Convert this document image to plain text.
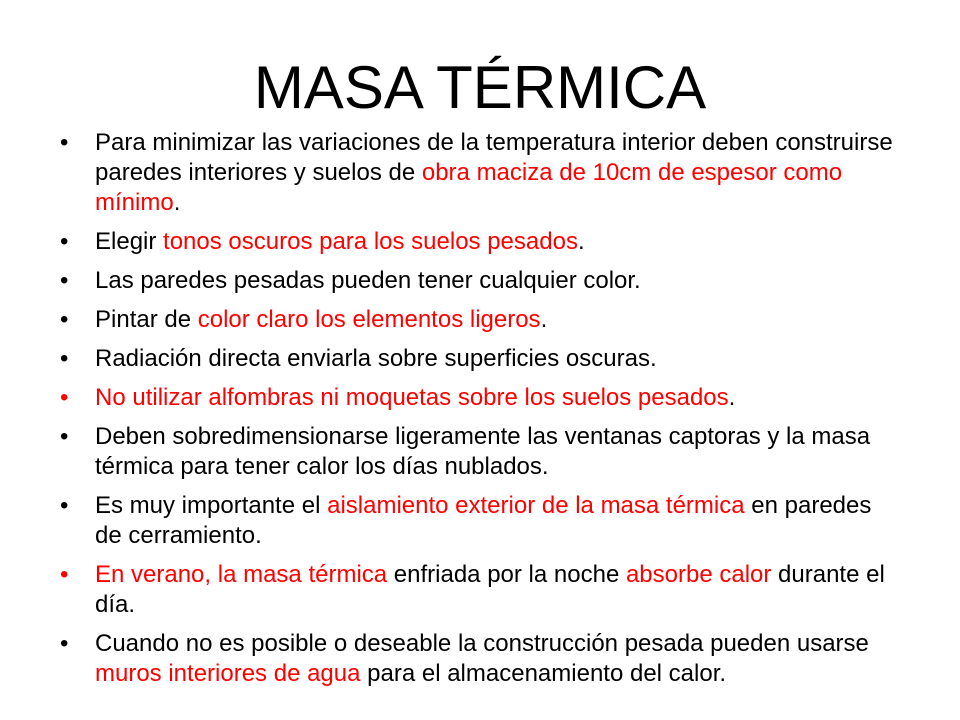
MASA TÉRMICA
• Para minimizar las variaciones de la temperatura interior deben construirse paredes interiores y suelos de obra maciza de 10cm de espesor como mínimo.
• Elegir tonos oscuros para los suelos pesados.
• Las paredes pesadas pueden tener cualquier color.
• Pintar de color claro los elementos ligeros.
• Radiación directa enviarla sobre superficies oscuras.
• No utilizar alfombras ni moquetas sobre los suelos pesados.
• Deben sobredimensionarse ligeramente las ventanas captoras y la masa térmica para tener calor los días nublados.
• Es muy importante el aislamiento exterior de la masa térmica en paredes de cerramiento.
• En verano, la masa térmica enfriada por la noche absorbe calor durante el día.
• Cuando no es posible o deseable la construcción pesada pueden usarse muros interiores de agua para el almacenamiento del calor.
